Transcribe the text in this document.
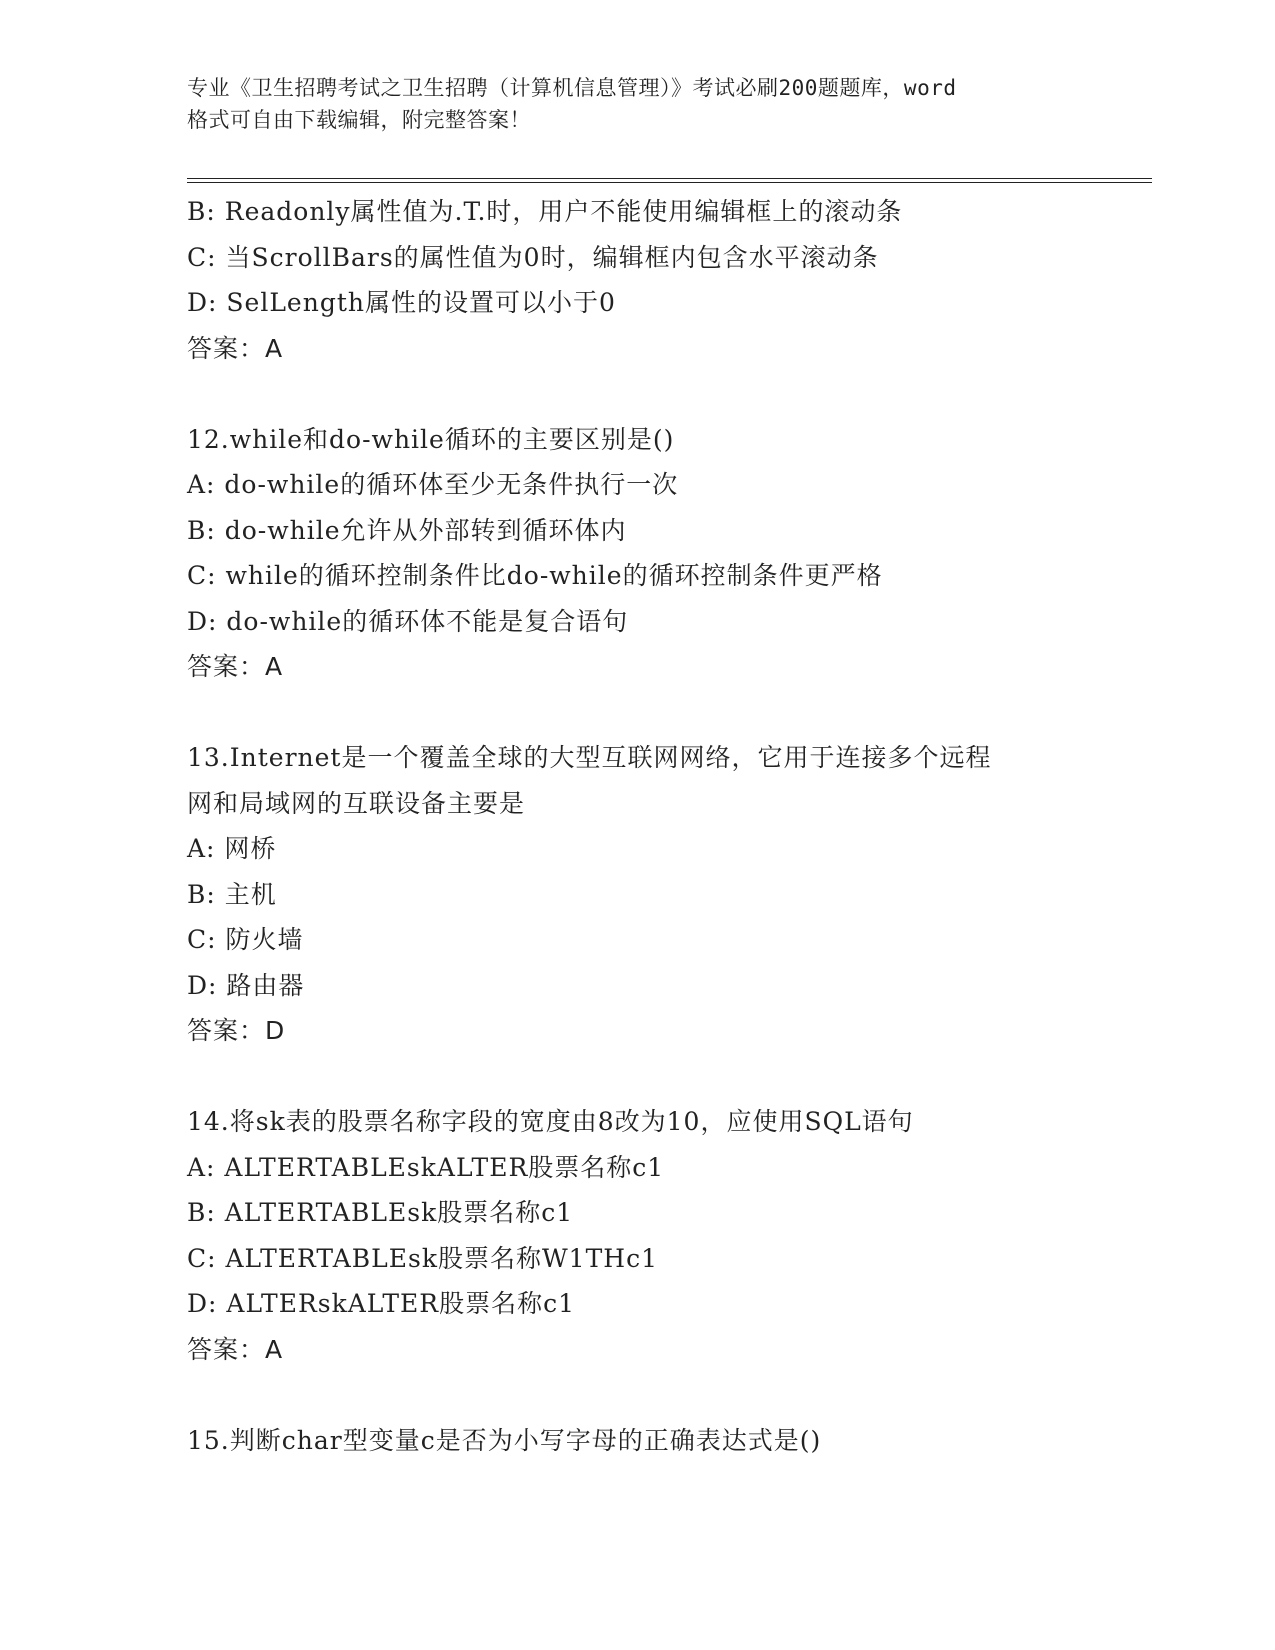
专业《卫生招聘考试之卫生招聘（计算机信息管理）》考试必刷200题题库，word
格式可自由下载编辑，附完整答案！
B: Readonly属性值为.T.时，用户不能使用编辑框上的滚动条
C: 当ScrollBars的属性值为0时，编辑框内包含水平滚动条
D: SelLength属性的设置可以小于0
答案：A
12.while和do-while循环的主要区别是()
A: do-while的循环体至少无条件执行一次
B: do-while允许从外部转到循环体内
C: while的循环控制条件比do-while的循环控制条件更严格
D: do-while的循环体不能是复合语句
答案：A
13.Internet是一个覆盖全球的大型互联网网络，它用于连接多个远程
网和局域网的互联设备主要是
A: 网桥
B: 主机
C: 防火墙
D: 路由器
答案：D
14.将sk表的股票名称字段的宽度由8改为10，应使用SQL语句
A: ALTERTABLEskALTER股票名称c1
B: ALTERTABLEsk股票名称c1
C: ALTERTABLEsk股票名称W1THc1
D: ALTERskALTER股票名称c1
答案：A
15.判断char型变量c是否为小写字母的正确表达式是()
